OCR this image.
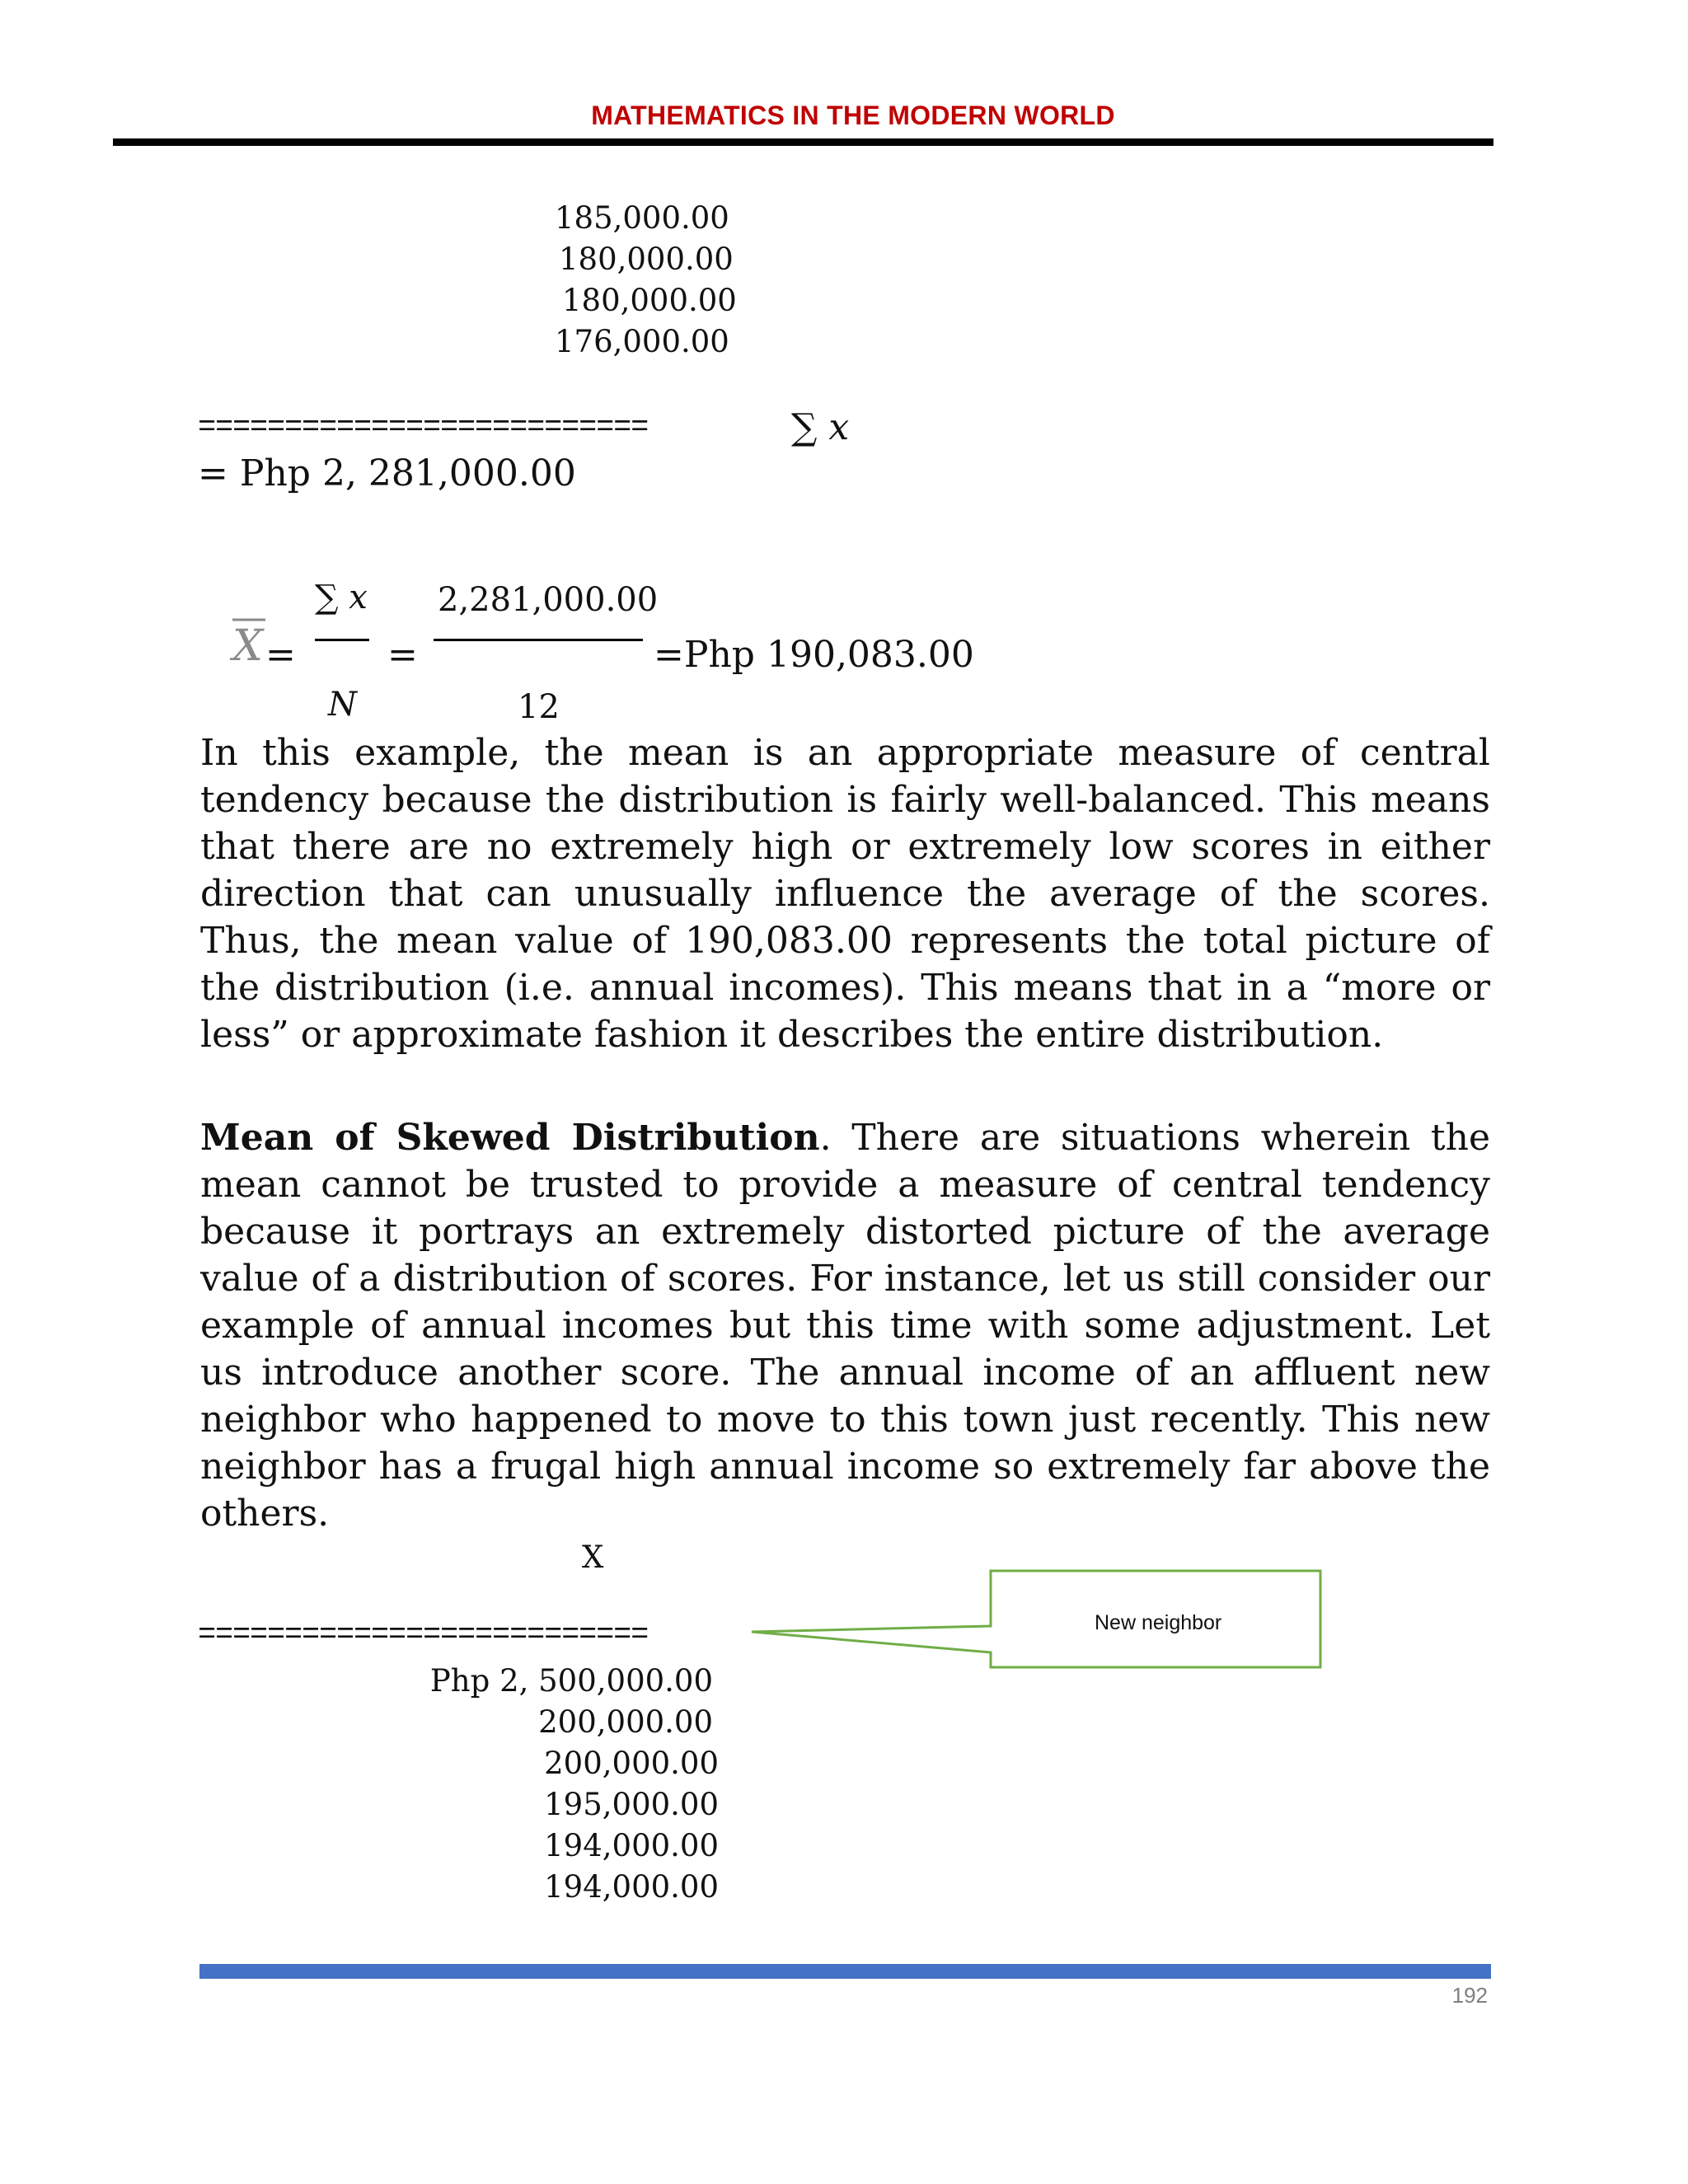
MATHEMATICS IN THE MODERN WORLD
185,000.00
180,000.00
180,000.00
176,000.00
==========================	∑ x
= Php 2, 281,000.00
X =
∑ x
N
=
2,281,000.00
12
=Php 190,083.00
In this example, the mean is an appropriate measure of central tendency because the distribution is fairly well-balanced. This means that there are no extremely high or extremely low scores in either direction that can unusually influence the average of the scores. Thus, the mean value of 190,083.00 represents the total picture of the distribution (i.e. annual incomes). This means that in a “more or less” or approximate fashion it describes the entire distribution.
Mean of Skewed Distribution. There are situations wherein the mean cannot be trusted to provide a measure of central tendency because it portrays an extremely distorted picture of the average value of a distribution of scores. For instance, let us still consider our example of annual incomes but this time with some adjustment. Let us introduce another score. The annual income of an affluent new neighbor who happened to move to this town just recently. This new neighbor has a frugal high annual income so extremely far above the others.
X
==========================
Php 2, 500,000.00
200,000.00
200,000.00
195,000.00
194,000.00
194,000.00
New neighbor
192
